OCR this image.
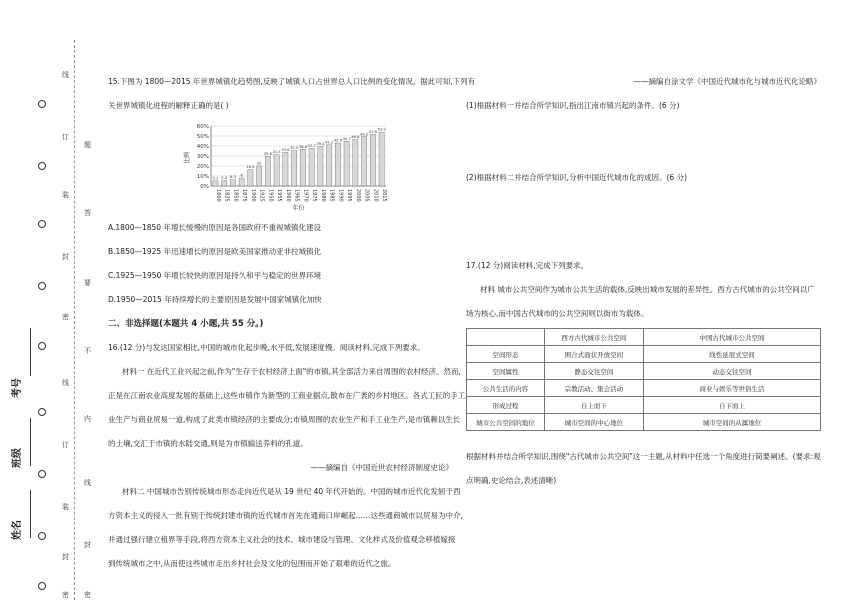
线
订
装
封
密
线
订
装
封
密
题
答
要
不
内
线
封
密
考号
班级
姓名
15.下图为 1800—2015 年世界城镇化趋势图,反映了城镇人口占世界总人口比例的变化情况。据此可知,下列有
关世界城镇化进程的解释正确的是( )
0%
10%
20%
30%
40%
50%
60%
5.1
1800
5.4
1825
6.3
1850
8
1875
16.4
1900
20
1925
29.6
1950
31.4
1955
33.6
1960
35.5
1965
36.6
1970
37.7
1975
39.4
1980
41.2
1985
42.9
1990
44.7
1995
46.6
2000
49.2
2005
51.6
2010
53.9
2015
比例
年份
A.1800—1850 年增长缓慢的原因是各国政府不重视城镇化建设
B.1850—1925 年迅速增长的原因是欧美国家推动亚非拉城镇化
C.1925—1950 年增长较快的原因是持久和平与稳定的世界环境
D.1950—2015 年持续增长的主要原因是发展中国家城镇化加快
二、非选择题(本题共 4 小题,共 55 分。)
16.(12 分)与发达国家相比,中国的城市化起步晚,水平低,发展速度慢。阅读材料,完成下列要求。
材料一 在近代工业兴起之前,作为"生存于农村经济上面"的市镇,其全部活力来自周围的农村经济。然而,
正是在江南农业高度发展的基础上,这些市镇作为新型的工商业据点,散布在广袤的乡村地区。各式工匠的手工
业生产与商业贸易一道,构成了此类市镇经济的主要成分;市镇周围的农业生产和手工业生产,是市镇赖以生长
的土壤,交汇于市镇的水陆交通,则是为市镇输送养料的孔道。
——摘编自《中国近世农村经济制度史论》
材料二 中国城市告别传统城市形态走向近代是从 19 世纪 40 年代开始的。中国的城市近代化发轫于西
方资本主义的侵入一批有别于传统封建市镇的近代城市首先在通商口岸崛起……这些通商城市以贸易为中介,
并通过强行建立租界等手段,将西方资本主义社会的技术、城市建设与管理、文化样式及价值观念移植嫁接
到传统城市之中,从而使这些城市走出乡村社会及文化的包围而开始了艰难的近代之旅。
——摘编自涂文学《中国近代城市化与城市近代化论略》
(1)根据材料一并结合所学知识,指出江南市镇兴起的条件。(6 分)
(2)根据材料二并结合所学知识,分析中国近代城市化的成因。(6 分)
17.(12 分)阅读材料,完成下列要求。
材料 城市公共空间作为城市公共生活的载体,反映出城市发展的差异性。西方古代城市的公共空间以广
场为核心,而中国古代城市的公共空间则以街市为载体。
	西方古代城市公共空间	中国古代城市公共空间
空间形态	围合式面状开放空间	线性延展式空间
空间属性	静态交往空间	动态交往空间
公共生活的内容	宗教活动、集会活动	商业与娱乐等世俗生活
形成过程	自上而下	自下而上
城市公共空间的地位	城市空间的中心地位	城市空间的从属地位
根据材料并结合所学知识,围绕"古代城市公共空间"这一主题,从材料中任选一个角度进行简要阐述。(要求:观
点明确,史论结合,表述清晰)
